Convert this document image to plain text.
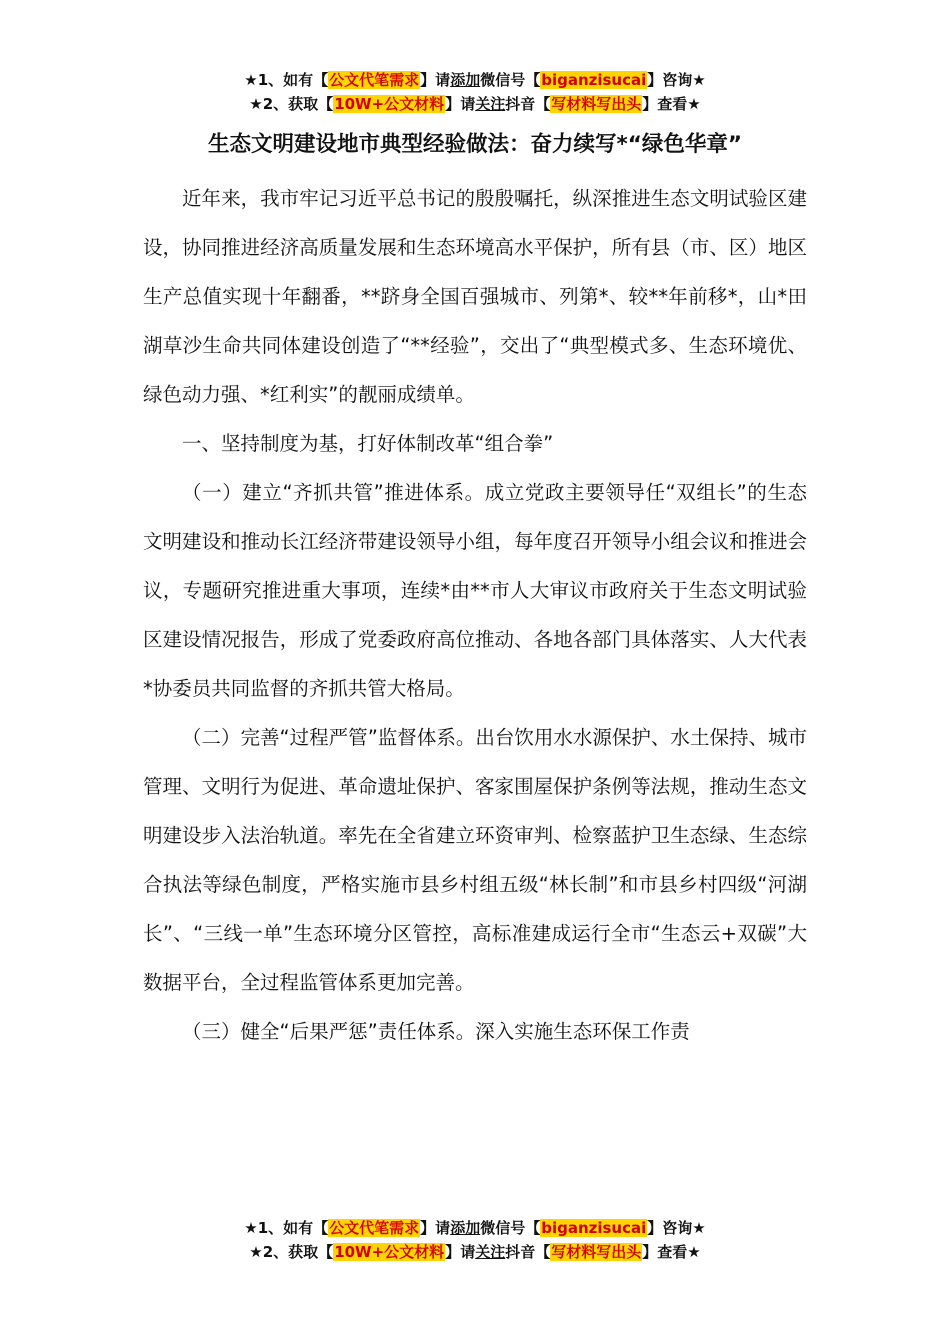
★1、如有【公文代笔需求】请添加微信号【biganzisucai】咨询★
★2、获取【10W+公文材料】请关注抖音【写材料写出头】查看★
生态文明建设地市典型经验做法：奋力续写*“绿色华章”

近年来，我市牢记习近平总书记的殷殷嘱托，纵深推进生态文明试验区建设，协同推进经济高质量发展和生态环境高水平保护，所有县（市、区）地区生产总值实现十年翻番，**跻身全国百强城市、列第*、较**年前移*，山*田湖草沙生命共同体建设创造了“**经验”，交出了“典型模式多、生态环境优、绿色动力强、*红利实”的靓丽成绩单。

一、坚持制度为基，打好体制改革“组合拳”

（一）建立“齐抓共管”推进体系。成立党政主要领导任“双组长”的生态文明建设和推动长江经济带建设领导小组，每年度召开领导小组会议和推进会议，专题研究推进重大事项，连续*由**市人大审议市政府关于生态文明试验区建设情况报告，形成了党委政府高位推动、各地各部门具体落实、人大代表*协委员共同监督的齐抓共管大格局。

（二）完善“过程严管”监督体系。出台饮用水水源保护、水土保持、城市管理、文明行为促进、革命遗址保护、客家围屋保护条例等法规，推动生态文明建设步入法治轨道。率先在全省建立环资审判、检察蓝护卫生态绿、生态综合执法等绿色制度，严格实施市县乡村组五级“林长制”和市县乡村四级“河湖长”、“三线一单”生态环境分区管控，高标准建成运行全市“生态云+双碳”大数据平台，全过程监管体系更加完善。

（三）健全“后果严惩”责任体系。深入实施生态环保工作责

★1、如有【公文代笔需求】请添加微信号【biganzisucai】咨询★
★2、获取【10W+公文材料】请关注抖音【写材料写出头】查看★
